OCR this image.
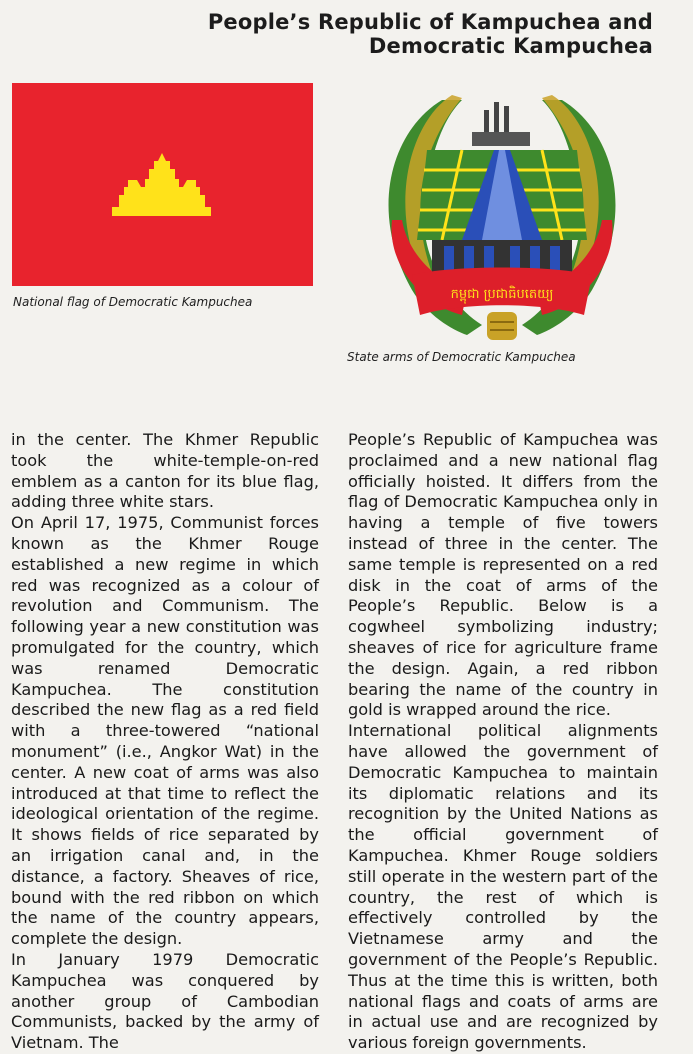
People’s Republic of Kampuchea and
Democratic Kampuchea
National flag of Democratic Kampuchea	កម្ពុជា ប្រជាធិបតេយ្យ
State arms of Democratic Kampuchea

in the center. The Khmer Republic took the white-temple-on-red emblem as a canton for its blue flag, adding three white stars.

On April 17, 1975, Communist forces known as the Khmer Rouge established a new regime in which red was recognized as a colour of revolution and Communism. The following year a new constitution was promulgated for the country, which was renamed Democratic Kampuchea. The constitution described the new flag as a red field with a three-towered “national monument” (i.e., Angkor Wat) in the center. A new coat of arms was also introduced at that time to reflect the ideological orientation of the regime. It shows fields of rice separated by an irrigation canal and, in the distance, a factory. Sheaves of rice, bound with the red ribbon on which the name of the country appears, complete the design.

In January 1979 Democratic Kampuchea was conquered by another group of Cambodian Communists, backed by the army of Vietnam. The

People’s Republic of Kampuchea was proclaimed and a new national flag officially hoisted. It differs from the flag of Democratic Kampuchea only in having a temple of five towers instead of three in the center. The same temple is represented on a red disk in the coat of arms of the People’s Republic. Below is a cogwheel symbolizing industry; sheaves of rice for agriculture frame the design. Again, a red ribbon bearing the name of the country in gold is wrapped around the rice.

International political alignments have allowed the government of Democratic Kampuchea to maintain its diplomatic relations and its recognition by the United Nations as the official government of Kampuchea. Khmer Rouge soldiers still operate in the western part of the country, the rest of which is effectively controlled by the Vietnamese army and the government of the People’s Republic. Thus at the time this is written, both national flags and coats of arms are in actual use and are recognized by various foreign governments.
